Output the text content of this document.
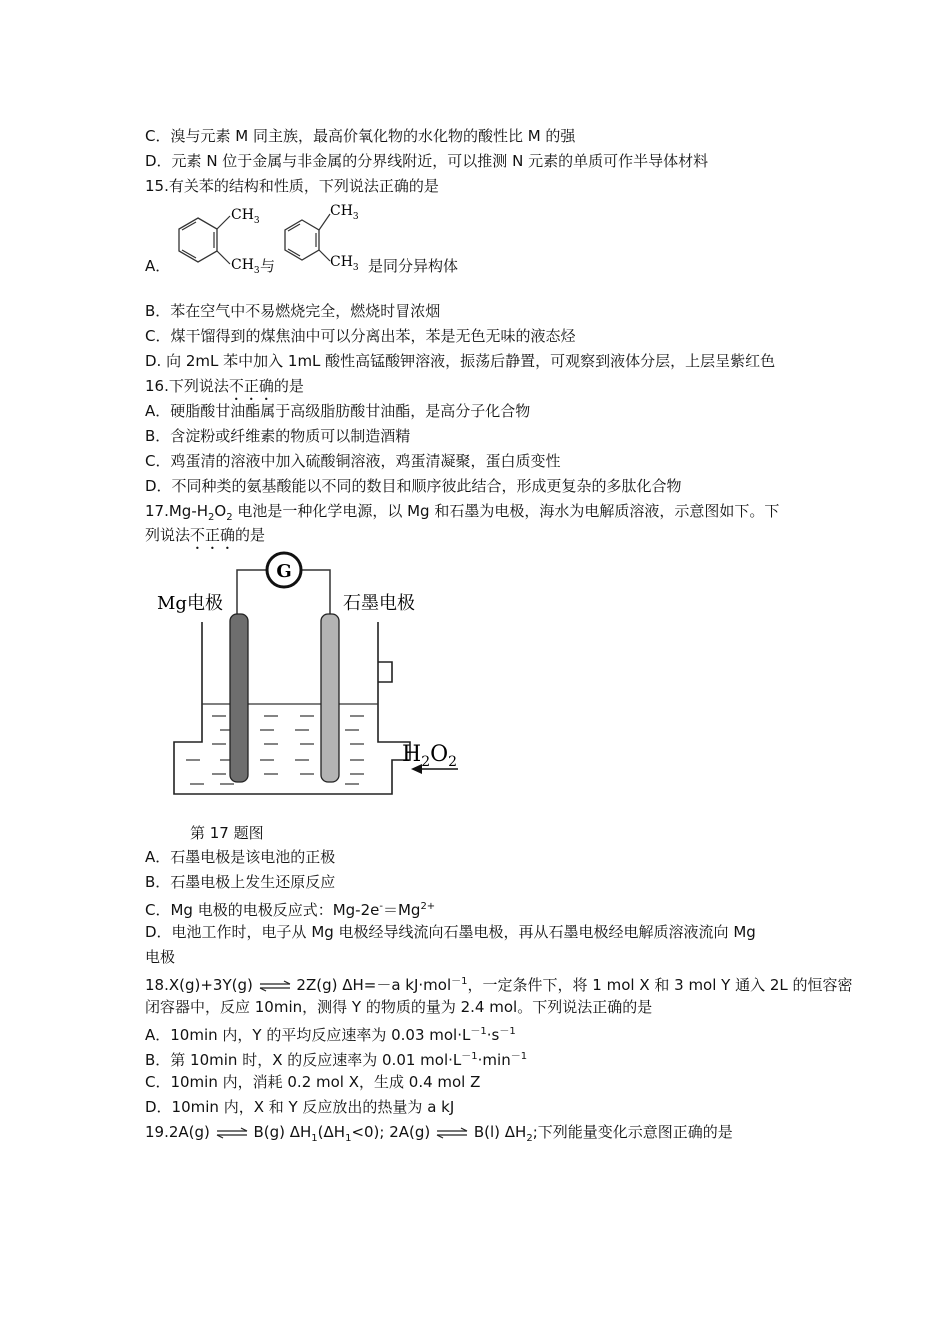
C．溴与元素 M 同主族，最高价氧化物的水化物的酸性比 M 的强
D．元素 N 位于金属与非金属的分界线附近，可以推测 N 元素的单质可作半导体材料
15.有关苯的结构和性质，下列说法正确的是
A．
$CH_3$
$CH_3$ 与
$CH_3$
$CH_3$ 是同分异构体
B．苯在空气中不易燃烧完全，燃烧时冒浓烟
C．煤干馏得到的煤焦油中可以分离出苯，苯是无色无味的液态烃
D. 向 2mL 苯中加入 1mL 酸性高锰酸钾溶液，振荡后静置，可观察到液体分层，上层呈紫红色
16.下列说法不正确的是
A．硬脂酸甘油酯属于高级脂肪酸甘油酯，是高分子化合物
B．含淀粉或纤维素的物质可以制造酒精
C．鸡蛋清的溶液中加入硫酸铜溶液，鸡蛋清凝聚，蛋白质变性
D．不同种类的氨基酸能以不同的数目和顺序彼此结合，形成更复杂的多肽化合物
$17.Mg-H_2O_2$ 电池是一种化学电源，以 Mg 和石墨为电极，海水为电解质溶液，示意图如下。下
列说法不正确的是
G
Mg电极	石墨电极
$H_2O_2$
第 17 题图
A．石墨电极是该电池的正极
B．石墨电极上发生还原反应
C．Mg 电极的电极反应式：$Mg-2e^-=Mg^{2+}$
D．电池工作时，电子从 Mg 电极经导线流向石墨电极，再从石墨电极经电解质溶液流向 Mg
电极
18.X(g)+3Y(g) ⇌ 2Z(g) ΔH=－a kJ·mol$^{-1}$，一定条件下，将 1 mol X 和 3 mol Y 通入 2L 的恒容密
闭容器中，反应 10min，测得 Y 的物质的量为 2.4 mol。下列说法正确的是
A．10min 内，Y 的平均反应速率为 0.03 $mol\cdot L^{-1}\cdot s^{-1}$
B．第 10min 时，X 的反应速率为 0.01 $mol\cdot L^{-1}\cdot\min^{-1}$
C．10min 内，消耗 0.2 mol X，生成 0.4 mol Z
D．10min 内，X 和 Y 反应放出的热量为 a kJ
19.2A(g) ⇌ B(g) $\Delta H_1(\Delta H_1<0)$; 2A(g) ⇌ B(l) $\Delta H_2$;下列能量变化示意图正确的是
